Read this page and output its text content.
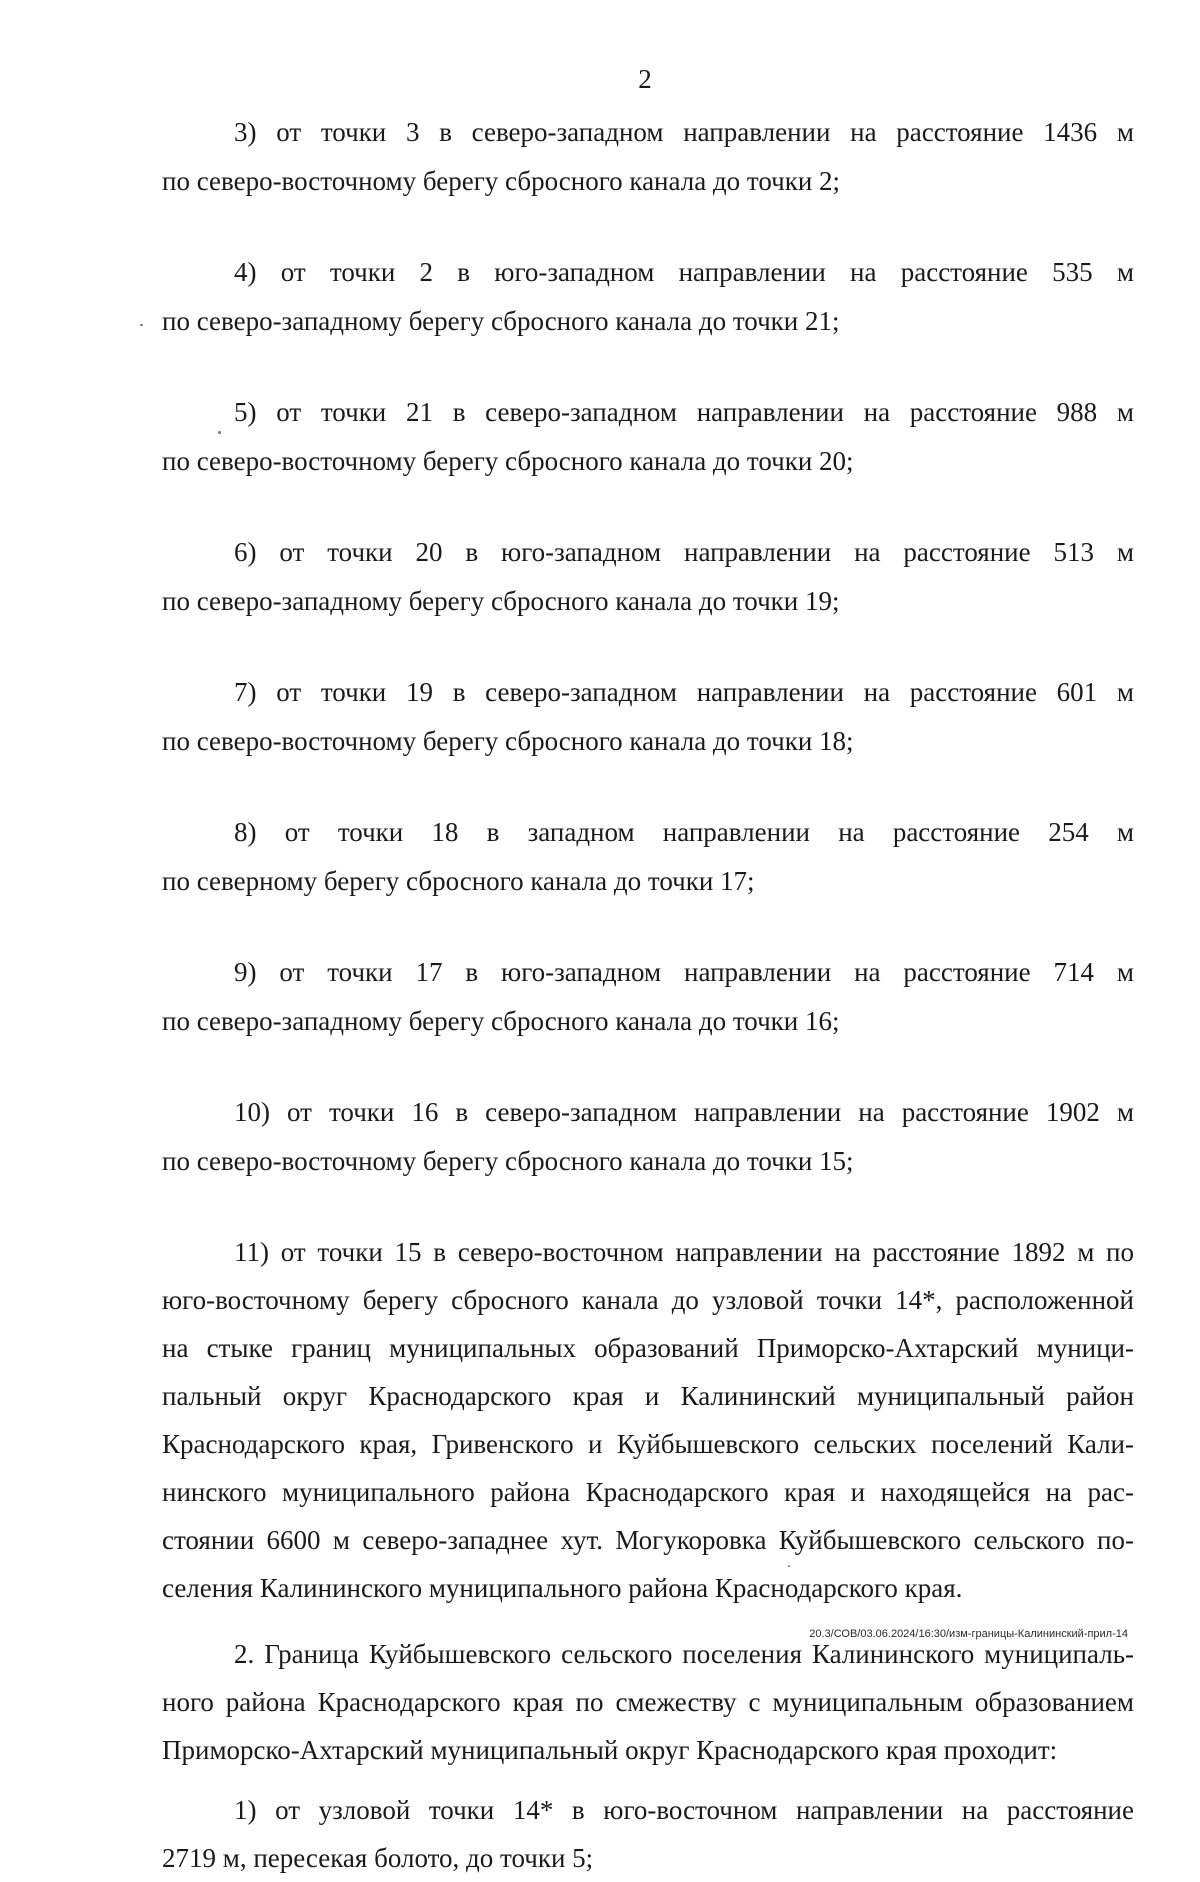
2

3) от точки 3 в северо-западном направлении на расстояние 1436 м
по северо-восточному берегу сбросного канала до точки 2;

4) от точки 2 в юго-западном направлении на расстояние 535 м
по северо-западному берегу сбросного канала до точки 21;

5) от точки 21 в северо-западном направлении на расстояние 988 м
по северо-восточному берегу сбросного канала до точки 20;

6) от точки 20 в юго-западном направлении на расстояние 513 м
по северо-западному берегу сбросного канала до точки 19;

7) от точки 19 в северо-западном направлении на расстояние 601 м
по северо-восточному берегу сбросного канала до точки 18;

8) от точки 18 в западном направлении на расстояние 254 м
по северному берегу сбросного канала до точки 17;

9) от точки 17 в юго-западном направлении на расстояние 714 м
по северо-западному берегу сбросного канала до точки 16;

10) от точки 16 в северо-западном направлении на расстояние 1902 м
по северо-восточному берегу сбросного канала до точки 15;

11) от точки 15 в северо-восточном направлении на расстояние 1892 м по
юго-восточному берегу сбросного канала до узловой точки 14*, расположенной
на стыке границ муниципальных образований Приморско-Ахтарский муници-
пальный округ Краснодарского края и Калининский муниципальный район
Краснодарского края, Гривенского и Куйбышевского сельских поселений Кали-
нинского муниципального района Краснодарского края и находящейся на рас-
стоянии 6600 м северо-западнее хут. Могукоровка Куйбышевского сельского по-
селения Калининского муниципального района Краснодарского края.

2. Граница Куйбышевского сельского поселения Калининского муниципаль-
ного района Краснодарского края по смежеству с муниципальным образованием
Приморско-Ахтарский муниципальный округ Краснодарского края проходит:

1) от узловой точки 14* в юго-восточном направлении на расстояние
2719 м, пересекая болото, до точки 5;

20.3/СОВ/03.06.2024/16:30/изм-границы-Калининский-прил-14
